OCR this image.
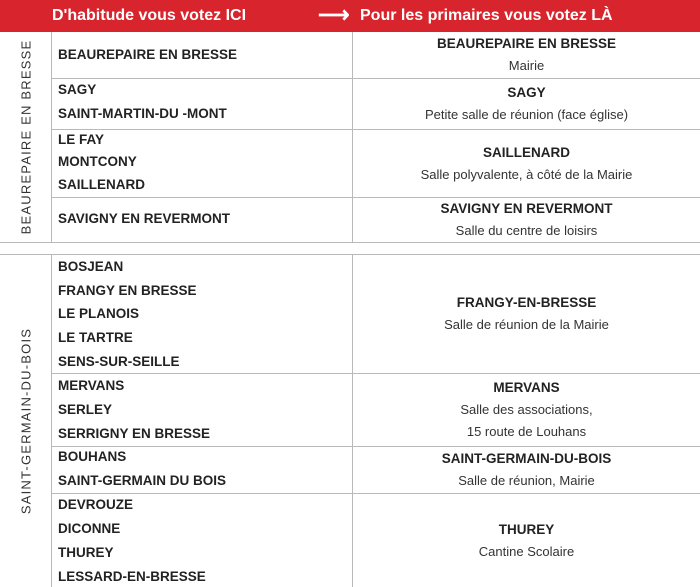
D'habitude vous votez ICI	⟶ Pour les primaires vous votez LÀ
BEAUREPAIRE EN BRESSE BEAUREPAIRE EN BRESSE
BEAUREPAIRE EN BRESSE
Mairie
SAGY
SAINT-MARTIN-DU -MONT
SAGY
Petite salle de réunion (face église)
LE FAY
MONTCONY
SAILLENARD
SAILLENARD
Salle polyvalente, à côté de la Mairie
SAVIGNY EN REVERMONT
SAVIGNY EN REVERMONT
Salle du centre de loisirs
SAINT-GERMAIN-DU-BOIS
BOSJEAN
FRANGY EN BRESSE
LE PLANOIS
LE TARTRE
SENS-SUR-SEILLE
FRANGY-EN-BRESSE
Salle de réunion de la Mairie
MERVANS
SERLEY
SERRIGNY EN BRESSE
MERVANS
Salle des associations,
15 route de Louhans
BOUHANS
SAINT-GERMAIN DU BOIS
SAINT-GERMAIN-DU-BOIS
Salle de réunion, Mairie
DEVROUZE
DICONNE
THUREY
LESSARD-EN-BRESSE
THUREY
Cantine Scolaire
